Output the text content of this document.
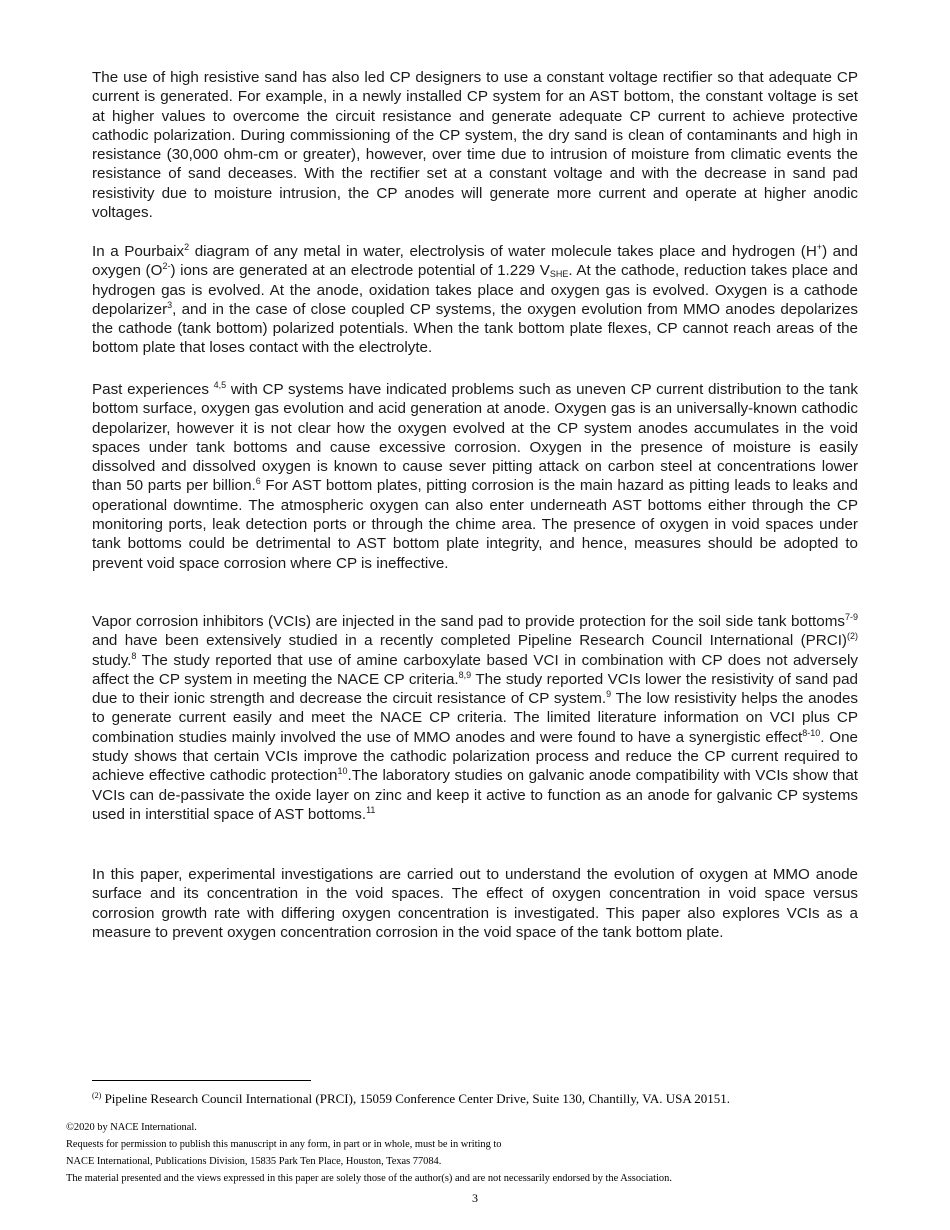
The use of high resistive sand has also led CP designers to use a constant voltage rectifier so that adequate CP current is generated. For example, in a newly installed CP system for an AST bottom, the constant voltage is set at higher values to overcome the circuit resistance and generate adequate CP current to achieve protective cathodic polarization. During commissioning of the CP system, the dry sand is clean of contaminants and high in resistance (30,000 ohm-cm or greater), however, over time due to intrusion of moisture from climatic events the resistance of sand deceases. With the rectifier set at a constant voltage and with the decrease in sand pad resistivity due to moisture intrusion, the CP anodes will generate more current and operate at higher anodic voltages.

In a Pourbaix$^2$ diagram of any metal in water, electrolysis of water molecule takes place and hydrogen (H+) and oxygen $(O^{2-})$ ions are generated at an electrode potential of 1.229 $V_{SHE}$. At the cathode, reduction takes place and hydrogen gas is evolved. At the anode, oxidation takes place and oxygen gas is evolved. Oxygen is a cathode depolarizer$^3$, and in the case of close coupled CP systems, the oxygen evolution from MMO anodes depolarizes the cathode (tank bottom) polarized potentials. When the tank bottom plate flexes, CP cannot reach areas of the bottom plate that loses contact with the electrolyte.

Past experiences $^{4,5}$ with CP systems have indicated problems such as uneven CP current distribution to the tank bottom surface, oxygen gas evolution and acid generation at anode. Oxygen gas is an universally-known cathodic depolarizer, however it is not clear how the oxygen evolved at the CP system anodes accumulates in the void spaces under tank bottoms and cause excessive corrosion. Oxygen in the presence of moisture is easily dissolved and dissolved oxygen is known to cause sever pitting attack on carbon steel at concentrations lower than 50 parts per billion.$^6$ For AST bottom plates, pitting corrosion is the main hazard as pitting leads to leaks and operational downtime. The atmospheric oxygen can also enter underneath AST bottoms either through the CP monitoring ports, leak detection ports or through the chime area. The presence of oxygen in void spaces under tank bottoms could be detrimental to AST bottom plate integrity, and hence, measures should be adopted to prevent void space corrosion where CP is ineffective.

Vapor corrosion inhibitors (VCIs) are injected in the sand pad to provide protection for the soil side tank bottoms$^{7-9}$ and have been extensively studied in a recently completed Pipeline Research Council International (PRCI)$^{(2)}$ study.$^8$ The study reported that use of amine carboxylate based VCI in combination with CP does not adversely affect the CP system in meeting the NACE CP criteria.$^{8,9}$ The study reported VCIs lower the resistivity of sand pad due to their ionic strength and decrease the circuit resistance of CP system.$^9$ The low resistivity helps the anodes to generate current easily and meet the NACE CP criteria. The limited literature information on VCI plus CP combination studies mainly involved the use of MMO anodes and were found to have a synergistic effect$^{8-10}$. One study shows that certain VCIs improve the cathodic polarization process and reduce the CP current required to achieve effective cathodic protection$^{10}$.The laboratory studies on galvanic anode compatibility with VCIs show that VCIs can de-passivate the oxide layer on zinc and keep it active to function as an anode for galvanic CP systems used in interstitial space of AST bottoms.$^{11}$

In this paper, experimental investigations are carried out to understand the evolution of oxygen at MMO anode surface and its concentration in the void spaces. The effect of oxygen concentration in void space versus corrosion growth rate with differing oxygen concentration is investigated. This paper also explores VCIs as a measure to prevent oxygen concentration corrosion in the void space of the tank bottom plate.

$^{(2)}$ Pipeline Research Council International (PRCI), 15059 Conference Center Drive, Suite 130, Chantilly, VA. USA 20151.

©2020 by NACE International.

Requests for permission to publish this manuscript in any form, in part or in whole, must be in writing to

NACE International, Publications Division, 15835 Park Ten Place, Houston, Texas 77084.

The material presented and the views expressed in this paper are solely those of the author(s) and are not necessarily endorsed by the Association.

3
